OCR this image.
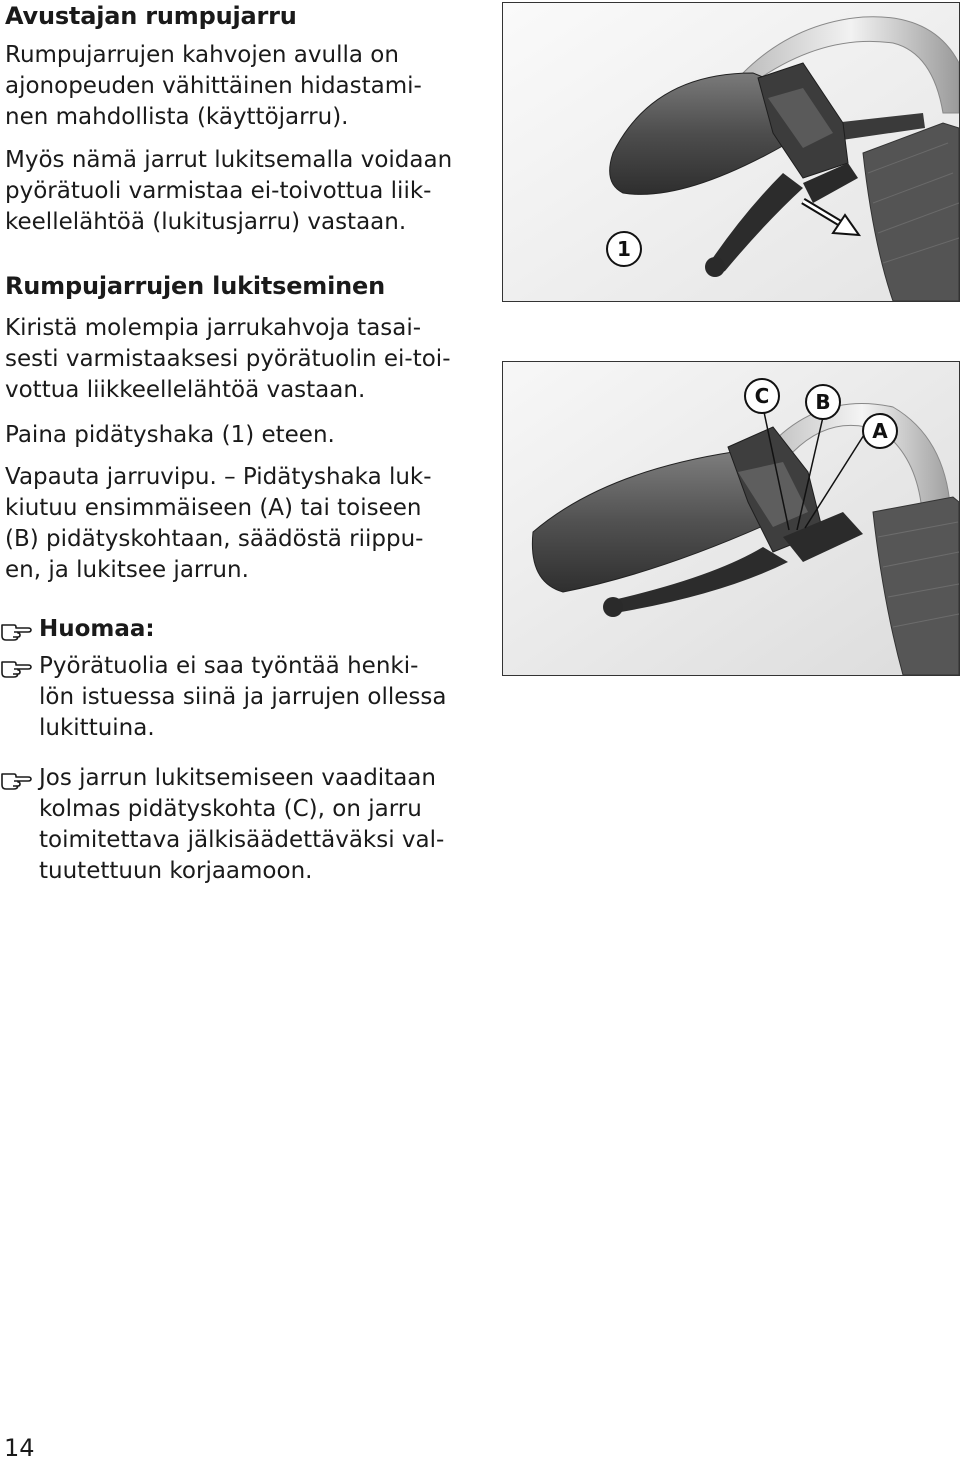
Avustajan rumpujarru

Rumpujarrujen kahvojen avulla on
ajonopeuden vähittäinen hidastami-
nen mahdollista (käyttöjarru).

Myös nämä jarrut lukitsemalla voidaan
pyörätuoli varmistaa ei-toivottua liik-
keellelähtöä (lukitusjarru) vastaan.

Rumpujarrujen lukitseminen

Kiristä molempia jarrukahvoja tasai-
sesti varmistaaksesi pyörätuolin ei-toi-
vottua liikkeellelähtöä vastaan.

Paina pidätyshaka (1) eteen.

Vapauta jarruvipu. – Pidätyshaka luk-
kiutuu ensimmäiseen (A) tai toiseen
(B) pidätyskohtaan, säädöstä riippu-
en, ja lukitsee jarrun.

Huomaa:

Pyörätuolia ei saa työntää henki-
lön istuessa siinä ja jarrujen ollessa
lukittuina.

Jos jarrun lukitsemiseen vaaditaan
kolmas pidätyskohta (C), on jarru
toimitettava jälkisäädettäväksi val-
tuutettuun korjaamoon.

1
C B
A
14
